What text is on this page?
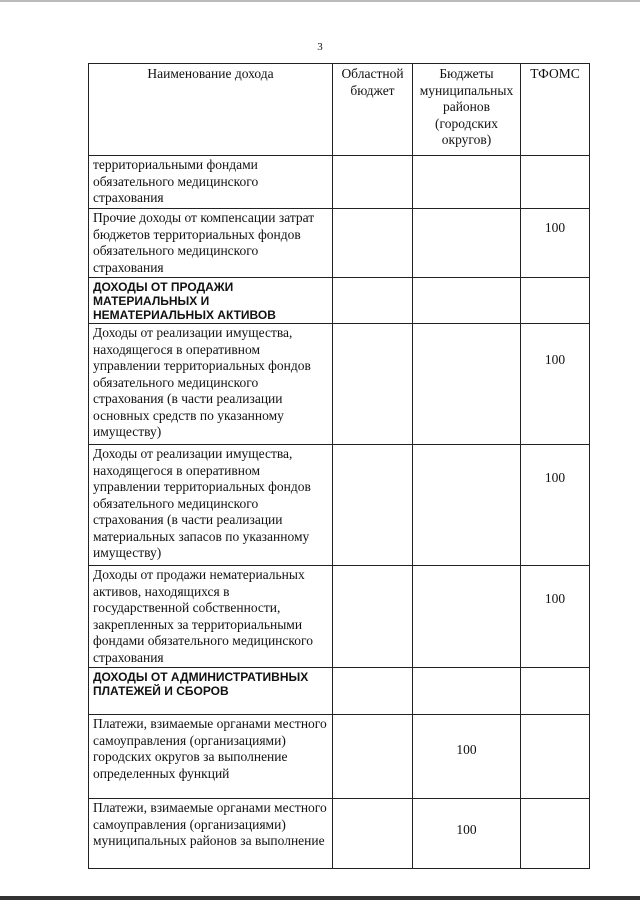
3
Наименование дохода	Областной бюджет	Бюджеты муниципальных районов (городских округов)	ТФОМС
территориальными фондами обязательного медицинского страхования	

Прочие доходы от компенсации затрат бюджетов территориальных фондов обязательного медицинского страхования			100

ДОХОДЫ ОТ ПРОДАЖИ МАТЕРИАЛЬНЫХ И НЕМАТЕРИАЛЬНЫХ АКТИВОВ	

Доходы от реализации имущества, находящегося в оперативном управлении территориальных фондов обязательного медицинского страхования (в части реализации основных средств по указанному имуществу)			100

Доходы от реализации имущества, находящегося в оперативном управлении территориальных фондов обязательного медицинского страхования (в части реализации материальных запасов по указанному имуществу)			100

Доходы от продажи нематериальных активов, находящихся в государственной собственности, закрепленных за территориальными фондами обязательного медицинского страхования			100

ДОХОДЫ ОТ АДМИНИСТРАТИВНЫХ ПЛАТЕЖЕЙ И СБОРОВ	

Платежи, взимаемые органами местного самоуправления (организациями) городских округов за выполнение определенных функций		100	

Платежи, взимаемые органами местного самоуправления (организациями) муниципальных районов за выполнение		100	
